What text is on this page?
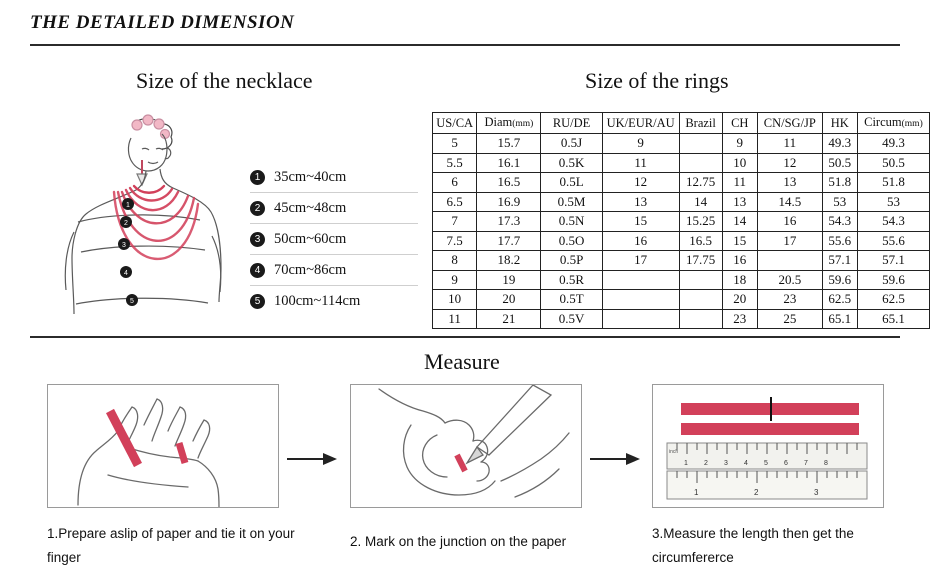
THE DETAILED DIMENSION
Size of the necklace	Size of the rings
1
2
3
4
5
1 35cm~40cm
2 45cm~48cm
3 50cm~60cm
4 70cm~86cm
5 100cm~114cm
US/CA	Diam(mm)	RU/DE	UK/EUR/AU	Brazil	CH	CN/SG/JP	HK	Circum(mm)
5	15.7	0.5J	9		9	11	49.3	49.3
5.5	16.1	0.5K	11		10	12	50.5	50.5
6	16.5	0.5L	12	12.75	11	13	51.8	51.8
6.5	16.9	0.5M	13	14	13	14.5	53	53
7	17.3	0.5N	15	15.25	14	16	54.3	54.3
7.5	17.7	0.5O	16	16.5	15	17	55.6	55.6
8	18.2	0.5P	17	17.75	16		57.1	57.1
9	19	0.5R			18	20.5	59.6	59.6
10	20	0.5T			20	23	62.5	62.5
11	21	0.5V			23	25	65.1	65.1
Measure
1 2 3 4 5 6 7 8
inch
1	2	3
1.Prepare aslip of paper and tie it on your finger
2. Mark on the junction on the paper
3.Measure the length then get the circumfererce
